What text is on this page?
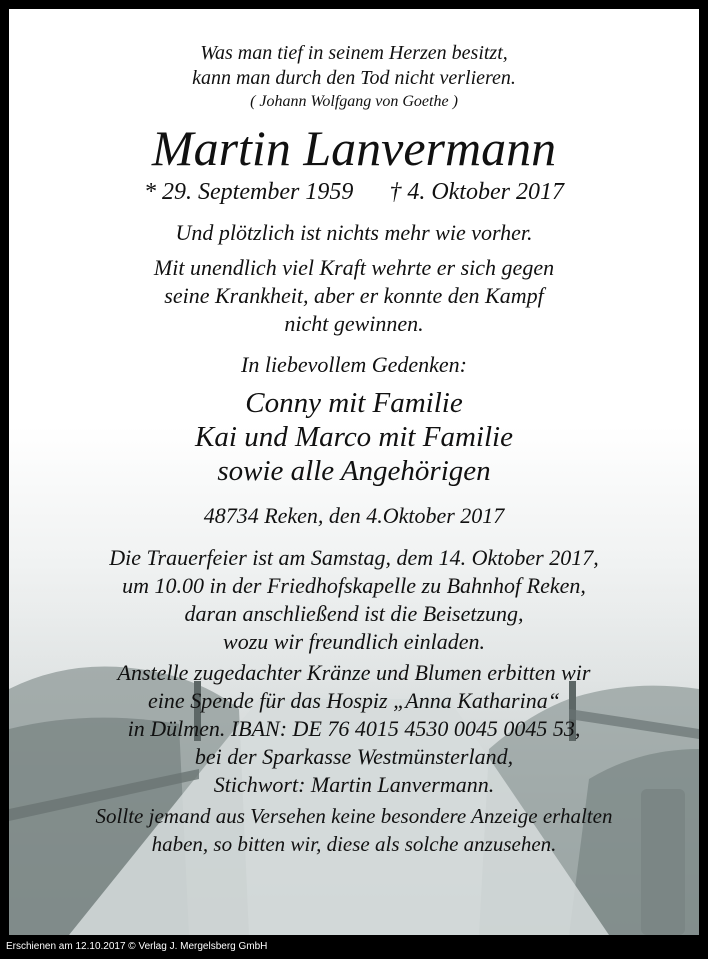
Was man tief in seinem Herzen besitzt,
kann man durch den Tod nicht verlieren.
( Johann Wolfgang von Goethe )
Martin Lanvermann
* 29. September 1959 † 4. Oktober 2017
Und plötzlich ist nichts mehr wie vorher.
Mit unendlich viel Kraft wehrte er sich gegen
seine Krankheit, aber er konnte den Kampf
nicht gewinnen.
In liebevollem Gedenken:
Conny mit Familie
Kai und Marco mit Familie
sowie alle Angehörigen
48734 Reken, den 4.Oktober 2017
Die Trauerfeier ist am Samstag, dem 14. Oktober 2017,
um 10.00 in der Friedhofskapelle zu Bahnhof Reken,
daran anschließend ist die Beisetzung,
wozu wir freundlich einladen.
Anstelle zugedachter Kränze und Blumen erbitten wir
eine Spende für das Hospiz „Anna Katharina“
in Dülmen. IBAN: DE 76 4015 4530 0045 0045 53,
bei der Sparkasse Westmünsterland,
Stichwort: Martin Lanvermann.
Sollte jemand aus Versehen keine besondere Anzeige erhalten
haben, so bitten wir, diese als solche anzusehen.
Erschienen am 12.10.2017 © Verlag J. Mergelsberg GmbH
